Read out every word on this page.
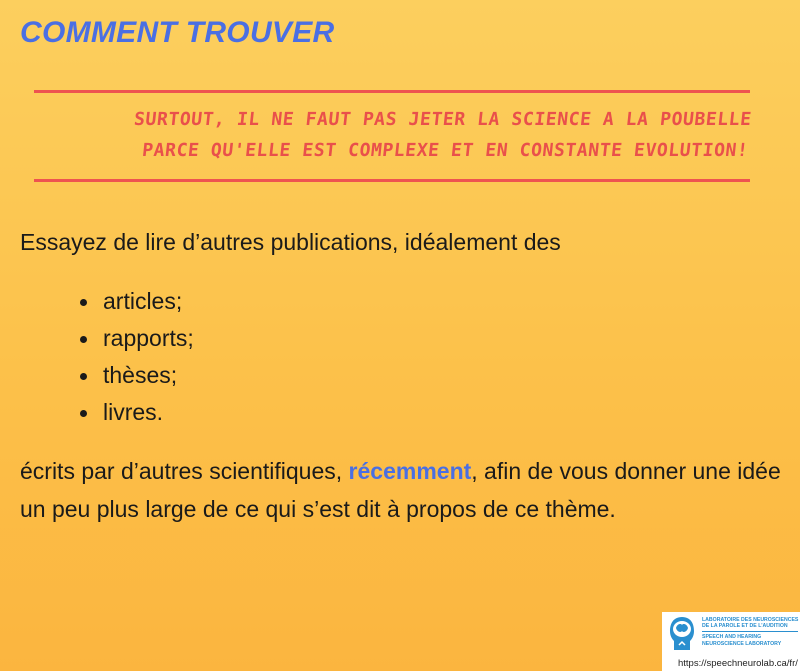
COMMENT TROUVER
SURTOUT, IL NE FAUT PAS JETER LA SCIENCE A LA POUBELLE
PARCE QU'ELLE EST COMPLEXE ET EN CONSTANTE EVOLUTION!

Essayez de lire d’autres publications, idéalement des

articles;
rapports;
thèses;
livres.

écrits par d’autres scientifiques, récemment, afin de vous donner une idée un peu plus large de ce qui s’est dit à propos de ce thème.

LABORATOIRE DES NEUROSCIENCES
DE LA PAROLE ET DE L’AUDITION
SPEECH AND HEARING
NEUROSCIENCE LABORATORY
https://speechneurolab.ca/fr/
